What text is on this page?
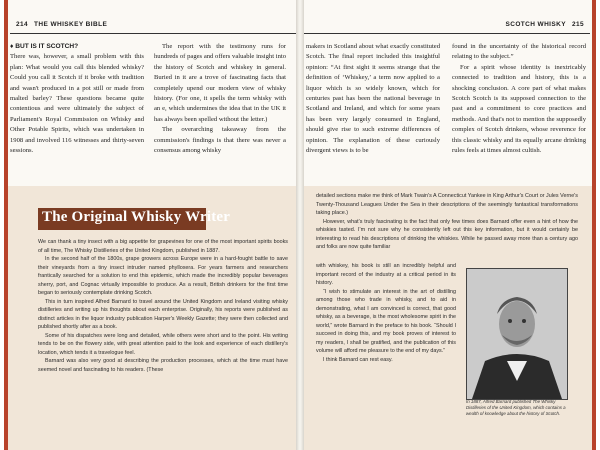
214 THE WHISKEY BIBLE

♦ BUT IS IT SCOTCH?

There was, however, a small problem with this plan: What would you call this blended whisky? Could you call it Scotch if it broke with tradition and wasn't produced in a pot still or made from malted barley? These questions became quite contentious and were ultimately the subject of Parliament's Royal Commission on Whisky and Other Potable Spirits, which was undertaken in 1908 and involved 116 witnesses and thirty-seven sessions.

The report with the testimony runs for hundreds of pages and offers valuable insight into the history of Scotch and whiskey in general. Buried in it are a trove of fascinating facts that completely upend our modern view of whisky history. (For one, it spells the term whisky with an e, which undermines the idea that in the UK it has always been spelled without the letter.)

The overarching takeaway from the commission's findings is that there was never a consensus among whisky

SCOTCH WHISKY 215

makers in Scotland about what exactly constituted Scotch. The final report included this insightful opinion: “At first sight it seems strange that the definition of ‘Whiskey,’ a term now applied to a liquor which is so widely known, which for centuries past has been the national beverage in Scotland and Ireland, and which for some years has been very largely consumed in England, should give rise to such extreme differences of opinion. The explanation of these curiously divergent views is to be

found in the uncertainty of the historical record relating to the subject.”

For a spirit whose identity is inextricably connected to tradition and history, this is a shocking conclusion. A core part of what makes Scotch Scotch is its supposed connection to the past and a commitment to core practices and methods. And that's not to mention the supposedly complex of Scotch drinkers, whose reverence for this classic whisky and its equally arcane drinking rules feels at times almost cultish.

The Original Whisky Writer

We can thank a tiny insect with a big appetite for grapevines for one of the most important spirits books of all time, The Whisky Distilleries of the United Kingdom, published in 1887.

In the second half of the 1800s, grape growers across Europe were in a hard-fought battle to save their vineyards from a tiny insect intruder named phylloxera. For years farmers and researchers frantically searched for a solution to end this epidemic, which made the incredibly popular beverages sherry, port, and Cognac virtually impossible to produce. As a result, British drinkers for the first time began to seriously contemplate drinking Scotch.

This in turn inspired Alfred Barnard to travel around the United Kingdom and Ireland visiting whisky distilleries and writing up his thoughts about each enterprise. Originally, his reports were published as distinct articles in the liquor industry publication Harper's Weekly Gazette; they were then collected and published shortly after as a book.

Some of his dispatches were long and detailed, while others were short and to the point. His writing tends to be on the flowery side, with great attention paid to the look and experience of each distillery's location, which tends it a travelogue feel.

Barnard was also very good at describing the production processes, which at the time must have seemed novel and fascinating to his readers. (These

detailed sections make me think of Mark Twain's A Connecticut Yankee in King Arthur's Court or Jules Verne's Twenty-Thousand Leagues Under the Sea in their descriptions of the seemingly fantastical transformations taking place.)

However, what's truly fascinating is the fact that only few times does Barnard offer even a hint of how the whiskies tasted. I'm not sure why he consistently left out this key information, but it would certainly be interesting to read his descriptions of drinking the whiskies. While he passed away more than a century ago and folks are now quite familiar

with whiskey, his book is still an incredibly helpful and important record of the industry at a critical period in its history.

“I wish to stimulate an interest in the art of distilling among those who trade in whisky, and to aid in demonstrating, what I am convinced is correct, that good whisky, as a beverage, is the most wholesome spirit in the world,” wrote Barnard in the preface to his book. “Should I succeed in doing this, and my book proves of interest to my readers, I shall be gratified, and the publication of this volume will afford me pleasure to the end of my days.”

I think Barnard can rest easy.

In 1887, Alfred Barnard published The Whisky Distilleries of the United Kingdom, which contains a wealth of knowledge about the history of Scotch.
